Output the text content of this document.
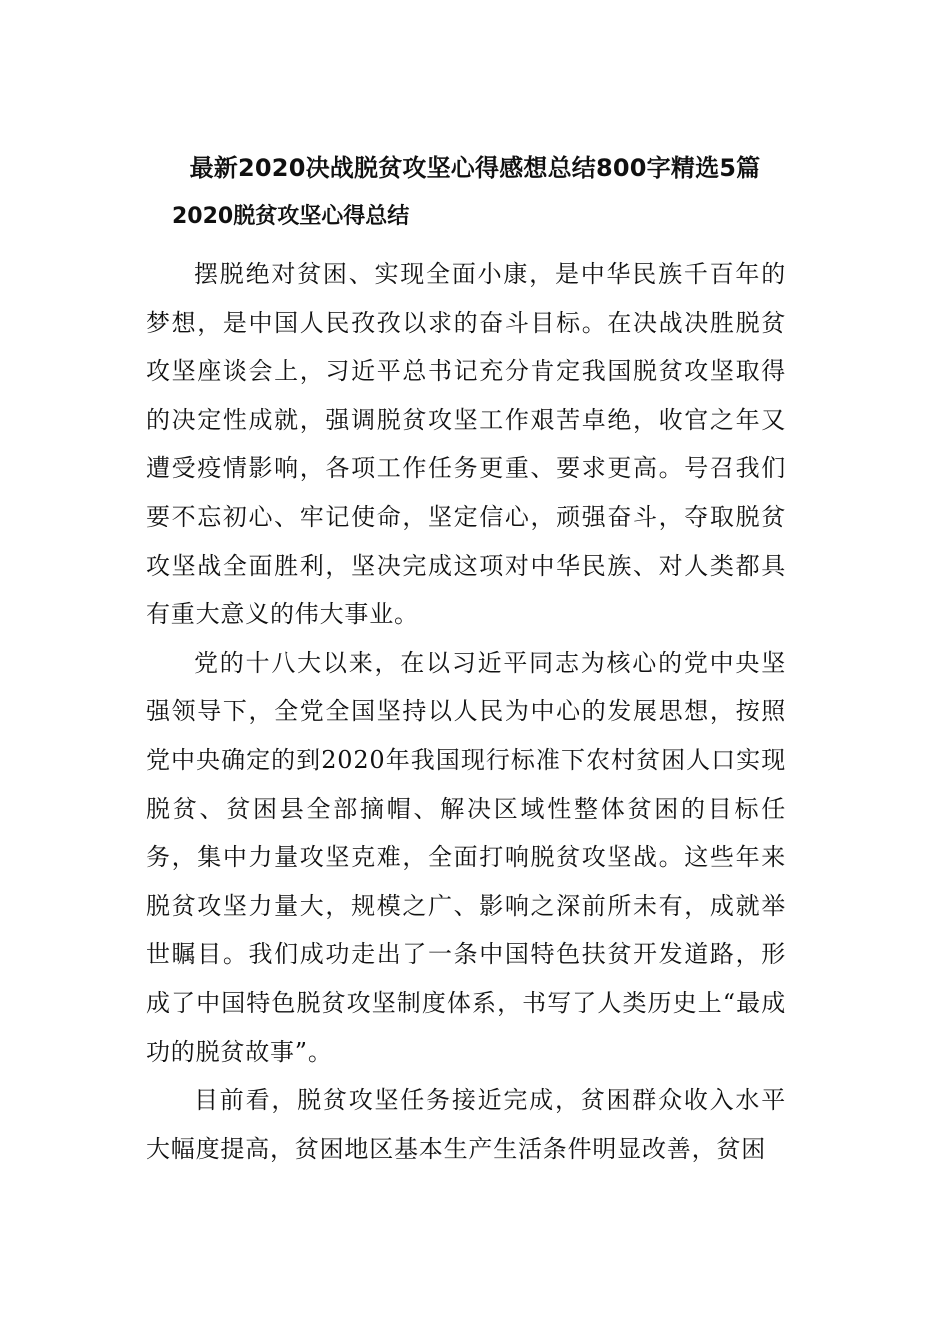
最新2020决战脱贫攻坚心得感想总结800字精选5篇
2020脱贫攻坚心得总结

摆脱绝对贫困、实现全面小康，是中华民族千百年的梦想，是中国人民孜孜以求的奋斗目标。在决战决胜脱贫攻坚座谈会上，习近平总书记充分肯定我国脱贫攻坚取得的决定性成就，强调脱贫攻坚工作艰苦卓绝，收官之年又遭受疫情影响，各项工作任务更重、要求更高。号召我们要不忘初心、牢记使命，坚定信心，顽强奋斗，夺取脱贫攻坚战全面胜利，坚决完成这项对中华民族、对人类都具有重大意义的伟大事业。

党的十八大以来，在以习近平同志为核心的党中央坚强领导下，全党全国坚持以人民为中心的发展思想，按照党中央确定的到2020年我国现行标准下农村贫困人口实现脱贫、贫困县全部摘帽、解决区域性整体贫困的目标任务，集中力量攻坚克难，全面打响脱贫攻坚战。这些年来脱贫攻坚力量大，规模之广、影响之深前所未有，成就举世瞩目。我们成功走出了一条中国特色扶贫开发道路，形成了中国特色脱贫攻坚制度体系，书写了人类历史上“最成功的脱贫故事”。

目前看，脱贫攻坚任务接近完成，贫困群众收入水平大幅度提高，贫困地区基本生产生活条件明显改善，贫困
